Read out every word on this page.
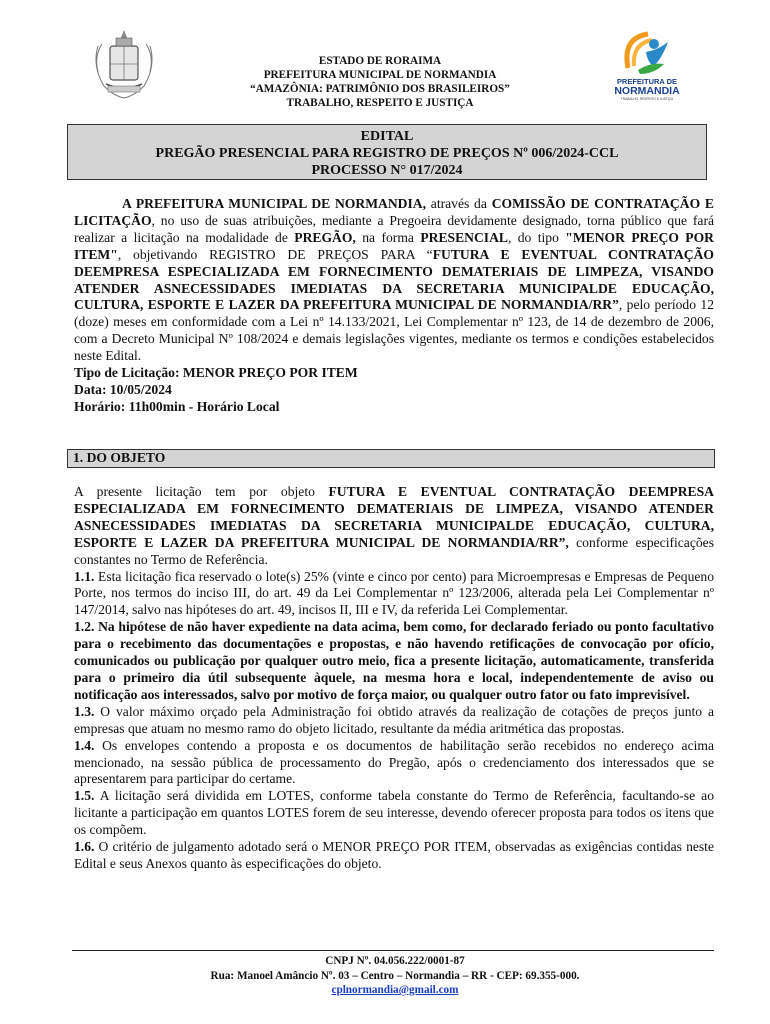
ESTADO DE RORAIMA
PREFEITURA MUNICIPAL DE NORMANDIA
“AMAZÔNIA: PATRIMÔNIO DOS BRASILEIROS”
TRABALHO, RESPEITO E JUSTIÇA
PREFEITURA DE
NORMANDIA
TRABALHO, RESPEITO E JUSTIÇA
EDITAL
PREGÃO PRESENCIAL PARA REGISTRO DE PREÇOS Nº 006/2024-CCL
PROCESSO N° 017/2024
A PREFEITURA MUNICIPAL DE NORMANDIA, através da COMISSÃO DE CONTRATAÇÃO E LICITAÇÃO, no uso de suas atribuições, mediante a Pregoeira devidamente designado, torna público que fará realizar a licitação na modalidade de PREGÃO, na forma PRESENCIAL, do tipo "MENOR PREÇO POR ITEM", objetivando REGISTRO DE PREÇOS PARA “FUTURA E EVENTUAL CONTRATAÇÃO DEEMPRESA ESPECIALIZADA EM FORNECIMENTO DEMATERIAIS DE LIMPEZA, VISANDO ATENDER ASNECESSIDADES IMEDIATAS DA SECRETARIA MUNICIPALDE EDUCAÇÃO, CULTURA, ESPORTE E LAZER DA PREFEITURA MUNICIPAL DE NORMANDIA/RR”, pelo período 12 (doze) meses em conformidade com a Lei nº 14.133/2021, Lei Complementar nº 123, de 14 de dezembro de 2006, com a Decreto Municipal Nº 108/2024 e demais legislações vigentes, mediante os termos e condições estabelecidos neste Edital.
Tipo de Licitação: MENOR PREÇO POR ITEM
Data: 10/05/2024
Horário: 11h00min - Horário Local
1. DO OBJETO
A presente licitação tem por objeto FUTURA E EVENTUAL CONTRATAÇÃO DEEMPRESA ESPECIALIZADA EM FORNECIMENTO DEMATERIAIS DE LIMPEZA, VISANDO ATENDER ASNECESSIDADES IMEDIATAS DA SECRETARIA MUNICIPALDE EDUCAÇÃO, CULTURA, ESPORTE E LAZER DA PREFEITURA MUNICIPAL DE NORMANDIA/RR”, conforme especificações constantes no Termo de Referência.
1.1. Esta licitação fica reservado o lote(s) 25% (vinte e cinco por cento) para Microempresas e Empresas de Pequeno Porte, nos termos do inciso III, do art. 49 da Lei Complementar nº 123/2006, alterada pela Lei Complementar nº 147/2014, salvo nas hipóteses do art. 49, incisos II, III e IV, da referida Lei Complementar.
1.2. Na hipótese de não haver expediente na data acima, bem como, for declarado feriado ou ponto facultativo para o recebimento das documentações e propostas, e não havendo retificações de convocação por ofício, comunicados ou publicação por qualquer outro meio, fica a presente licitação, automaticamente, transferida para o primeiro dia útil subsequente àquele, na mesma hora e local, independentemente de aviso ou notificação aos interessados, salvo por motivo de força maior, ou qualquer outro fator ou fato imprevisível.
1.3. O valor máximo orçado pela Administração foi obtido através da realização de cotações de preços junto a empresas que atuam no mesmo ramo do objeto licitado, resultante da média aritmética das propostas.
1.4. Os envelopes contendo a proposta e os documentos de habilitação serão recebidos no endereço acima mencionado, na sessão pública de processamento do Pregão, após o credenciamento dos interessados que se apresentarem para participar do certame.
1.5. A licitação será dividida em LOTES, conforme tabela constante do Termo de Referência, facultando-se ao licitante a participação em quantos LOTES forem de seu interesse, devendo oferecer proposta para todos os itens que os compõem.
1.6. O critério de julgamento adotado será o MENOR PREÇO POR ITEM, observadas as exigências contidas neste Edital e seus Anexos quanto às especificações do objeto.
CNPJ Nº. 04.056.222/0001-87
Rua: Manoel Amâncio Nº. 03 – Centro – Normandia – RR - CEP: 69.355-000.
cplnormandia@gmail.com
